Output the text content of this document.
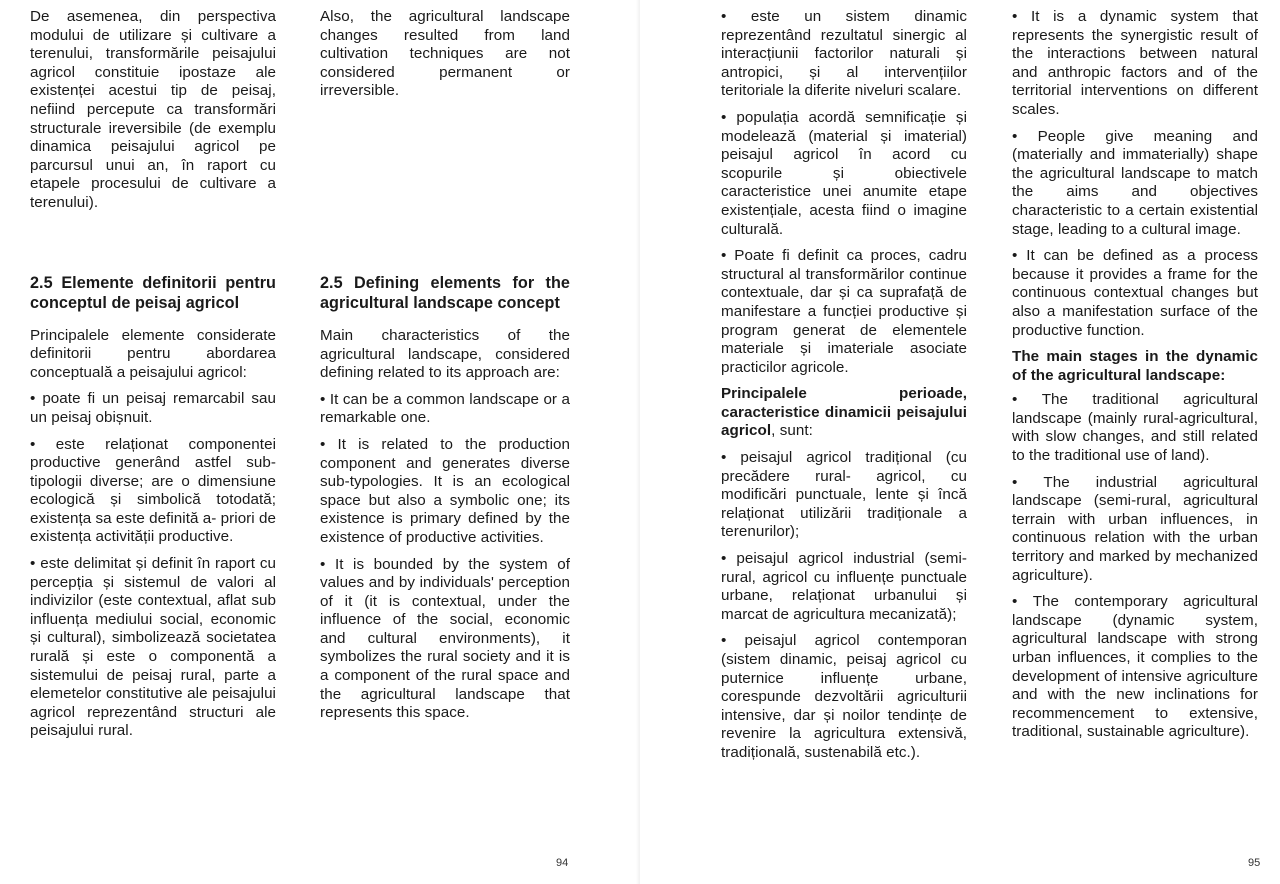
De asemenea, din perspectiva modului de utilizare și cultivare a terenului, transformările peisajului agricol constituie ipostaze ale existenței acestui tip de peisaj, nefiind percepute ca transformări structurale ireversibile (de exemplu dinamica peisajului agricol pe parcursul unui an, în raport cu etapele procesului de cultivare a terenului).

2.5 Elemente definitorii pentru conceptul de peisaj agricol

Principalele elemente considerate definitorii pentru abordarea conceptuală a peisajului agricol:

• poate fi un peisaj remarcabil sau un peisaj obișnuit.

• este relaționat componentei productive generând astfel sub-tipologii diverse; are o dimensiune ecologică și simbolică totodată; existența sa este definită a- priori de existența activității productive.

• este delimitat și definit în raport cu percepția și sistemul de valori al indivizilor (este contextual, aflat sub influența mediului social, economic și cultural), simbolizează societatea rurală și este o componentă a sistemului de peisaj rural, parte a elemetelor constitutive ale peisajului agricol reprezentând structuri ale peisajului rural.

Also, the agricultural landscape changes resulted from land cultivation techniques are not considered permanent or irreversible.

2.5 Defining elements for the agricultural landscape concept

Main characteristics of the agricultural landscape, considered defining related to its approach are:

• It can be a common landscape or a remarkable one.

• It is related to the production component and generates diverse sub-typologies. It is an ecological space but also a symbolic one; its existence is primary defined by the existence of productive activities.

• It is bounded by the system of values and by individuals' perception of it (it is contextual, under the influence of the social, economic and cultural environments), it symbolizes the rural society and it is a component of the rural space and the agricultural landscape that represents this space.

94

• este un sistem dinamic reprezentând rezultatul sinergic al interacțiunii factorilor naturali și antropici, și al intervențiilor teritoriale la diferite niveluri scalare.

• populația acordă semnificație și modelează (material și imaterial) peisajul agricol în acord cu scopurile și obiectivele caracteristice unei anumite etape existențiale, acesta fiind o imagine culturală.

• Poate fi definit ca proces, cadru structural al transformărilor continue contextuale, dar și ca suprafață de manifestare a funcției productive și program generat de elementele materiale și imateriale asociate practicilor agricole.

Principalele perioade, caracteristice dinamicii peisajului agricol, sunt:

• peisajul agricol tradițional (cu precădere rural- agricol, cu modificări punctuale, lente și încă relaționat utilizării tradiționale a terenurilor);

• peisajul agricol industrial (semi- rural, agricol cu influențe punctuale urbane, relaționat urbanului și marcat de agricultura mecanizată);

• peisajul agricol contemporan (sistem dinamic, peisaj agricol cu puternice influențe urbane, corespunde dezvoltării agriculturii intensive, dar și noilor tendințe de revenire la agricultura extensivă, tradițională, sustenabilă etc.).

• It is a dynamic system that represents the synergistic result of the interactions between natural and anthropic factors and of the territorial interventions on different scales.

• People give meaning and (materially and immaterially) shape the agricultural landscape to match the aims and objectives characteristic to a certain existential stage, leading to a cultural image.

• It can be defined as a process because it provides a frame for the continuous contextual changes but also a manifestation surface of the productive function.

The main stages in the dynamic of the agricultural landscape:

• The traditional agricultural landscape (mainly rural-agricultural, with slow changes, and still related to the traditional use of land).

• The industrial agricultural landscape (semi-rural, agricultural terrain with urban influences, in continuous relation with the urban territory and marked by mechanized agriculture).

• The contemporary agricultural landscape (dynamic system, agricultural landscape with strong urban influences, it complies to the development of intensive agriculture and with the new inclinations for recommencement to extensive, traditional, sustainable agriculture).

95
